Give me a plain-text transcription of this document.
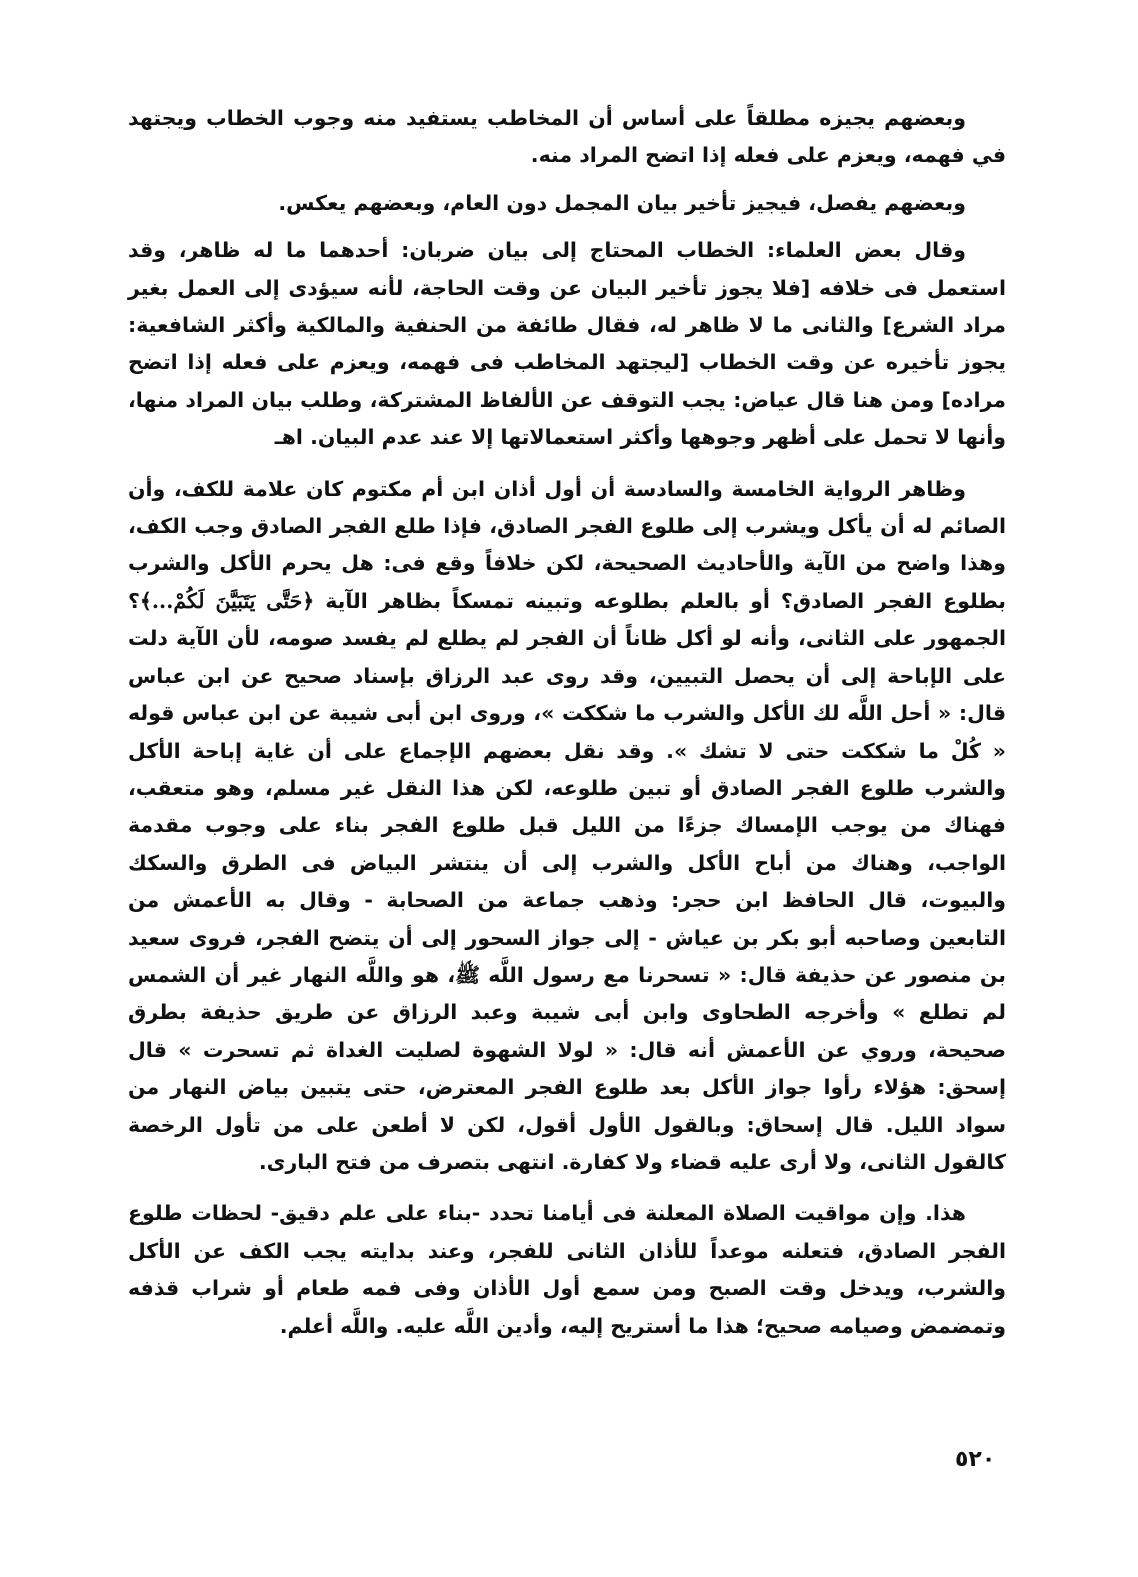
وبعضهم يجيزه مطلقاً على أساس أن المخاطب يستفيد منه وجوب الخطاب ويجتهد في فهمه، ويعزم على فعله إذا اتضح المراد منه.

وبعضهم يفصل، فيجيز تأخير بيان المجمل دون العام، وبعضهم يعكس.

وقال بعض العلماء: الخطاب المحتاج إلى بيان ضربان: أحدهما ما له ظاهر، وقد استعمل فى خلافه [فلا يجوز تأخير البيان عن وقت الحاجة، لأنه سيؤدى إلى العمل بغير مراد الشرع] والثانى ما لا ظاهر له، فقال طائفة من الحنفية والمالكية وأكثر الشافعية: يجوز تأخيره عن وقت الخطاب [ليجتهد المخاطب فى فهمه، ويعزم على فعله إذا اتضح مراده] ومن هنا قال عياض: يجب التوقف عن الألفاظ المشتركة، وطلب بيان المراد منها، وأنها لا تحمل على أظهر وجوهها وأكثر استعمالاتها إلا عند عدم البيان. اهـ

وظاهر الرواية الخامسة والسادسة أن أول أذان ابن أم مكتوم كان علامة للكف، وأن الصائم له أن يأكل ويشرب إلى طلوع الفجر الصادق، فإذا طلع الفجر الصادق وجب الكف، وهذا واضح من الآية والأحاديث الصحيحة، لكن خلافاً وقع فى: هل يحرم الأكل والشرب بطلوع الفجر الصادق؟ أو بالعلم بطلوعه وتبينه تمسكاً بظاهر الآية ﴿حَتَّى يَتَبَيَّنَ لَكُمْ...﴾؟ الجمهور على الثانى، وأنه لو أكل ظاناً أن الفجر لم يطلع لم يفسد صومه، لأن الآية دلت على الإباحة إلى أن يحصل التبيين، وقد روى عبد الرزاق بإسناد صحيح عن ابن عباس قال: « أحل اللَّه لك الأكل والشرب ما شككت »، وروى ابن أبى شيبة عن ابن عباس قوله « كُلْ ما شككت حتى لا تشك ». وقد نقل بعضهم الإجماع على أن غاية إباحة الأكل والشرب طلوع الفجر الصادق أو تبين طلوعه، لكن هذا النقل غير مسلم، وهو متعقب، فهناك من يوجب الإمساك جزءًا من الليل قبل طلوع الفجر بناء على وجوب مقدمة الواجب، وهناك من أباح الأكل والشرب إلى أن ينتشر البياض فى الطرق والسكك والبيوت، قال الحافظ ابن حجر: وذهب جماعة من الصحابة - وقال به الأعمش من التابعين وصاحبه أبو بكر بن عياش - إلى جواز السحور إلى أن يتضح الفجر، فروى سعيد بن منصور عن حذيفة قال: « تسحرنا مع رسول اللَّه ﷺ، هو واللَّه النهار غير أن الشمس لم تطلع » وأخرجه الطحاوى وابن أبى شيبة وعبد الرزاق عن طريق حذيفة بطرق صحيحة، وروي عن الأعمش أنه قال: « لولا الشهوة لصليت الغداة ثم تسحرت » قال إسحق: هؤلاء رأوا جواز الأكل بعد طلوع الفجر المعترض، حتى يتبين بياض النهار من سواد الليل. قال إسحاق: وبالقول الأول أقول، لكن لا أطعن على من تأول الرخصة كالقول الثانى، ولا أرى عليه قضاء ولا كفارة. انتهى بتصرف من فتح البارى.

هذا. وإن مواقيت الصلاة المعلنة فى أيامنا تحدد -بناء على علم دقيق- لحظات طلوع الفجر الصادق، فتعلنه موعداً للأذان الثانى للفجر، وعند بدايته يجب الكف عن الأكل والشرب، ويدخل وقت الصبح ومن سمع أول الأذان وفى فمه طعام أو شراب قذفه وتمضمض وصيامه صحيح؛ هذا ما أستريح إليه، وأدين اللَّه عليه. واللَّه أعلم.

٥٢٠
